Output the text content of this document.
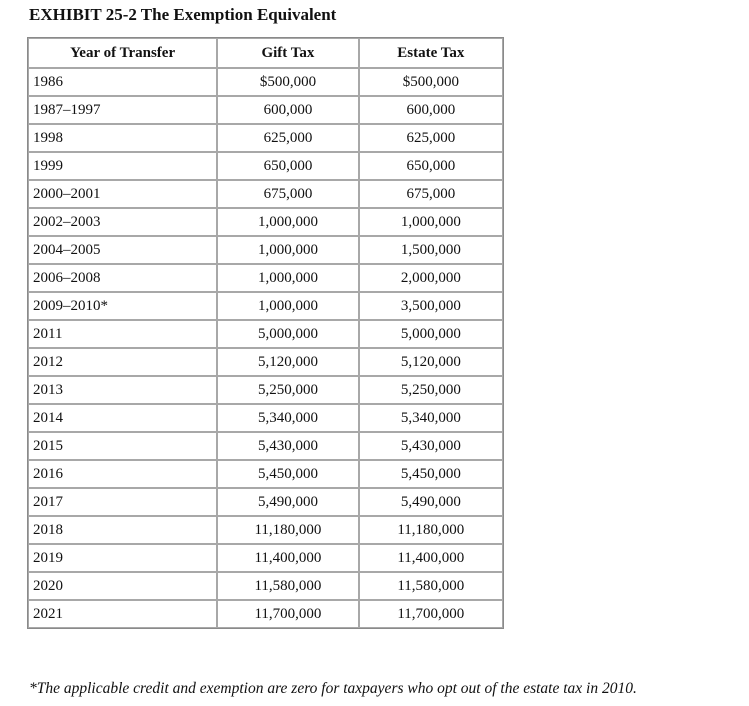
EXHIBIT 25-2 The Exemption Equivalent
Year of Transfer	Gift Tax	Estate Tax
1986	$500,000	$500,000
1987–1997	600,000	600,000
1998	625,000	625,000
1999	650,000	650,000
2000–2001	675,000	675,000
2002–2003	1,000,000	1,000,000
2004–2005	1,000,000	1,500,000
2006–2008	1,000,000	2,000,000
2009–2010*	1,000,000	3,500,000
2011	5,000,000	5,000,000
2012	5,120,000	5,120,000
2013	5,250,000	5,250,000
2014	5,340,000	5,340,000
2015	5,430,000	5,430,000
2016	5,450,000	5,450,000
2017	5,490,000	5,490,000
2018	11,180,000	11,180,000
2019	11,400,000	11,400,000
2020	11,580,000	11,580,000
2021	11,700,000	11,700,000
*The applicable credit and exemption are zero for taxpayers who opt out of the estate tax in 2010.
